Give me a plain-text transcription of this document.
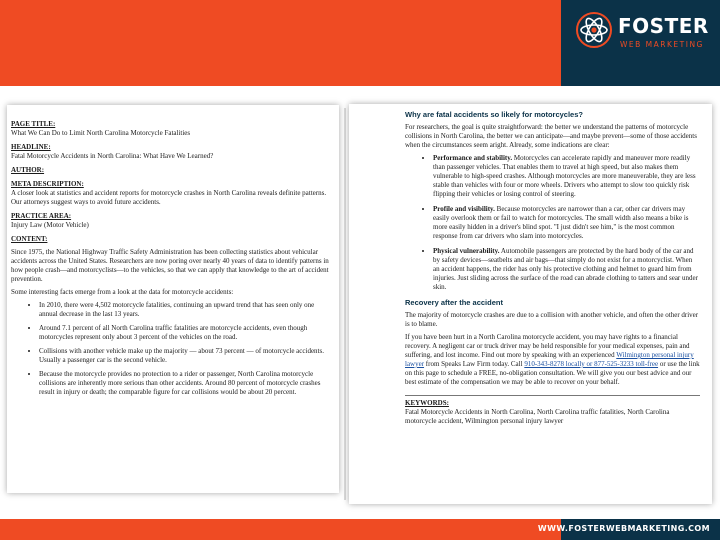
FOSTER
WEB MARKETING
PAGE TITLE:
What We Can Do to Limit North Carolina Motorcycle Fatalities
HEADLINE:
Fatal Motorcycle Accidents in North Carolina: What Have We Learned?
AUTHOR:
META DESCRIPTION:
A closer look at statistics and accident reports for motorcycle crashes in North Carolina reveals definite patterns. Our attorneys suggest ways to avoid future accidents.
PRACTICE AREA:
Injury Law (Motor Vehicle)
CONTENT:

Since 1975, the National Highway Traffic Safety Administration has been collecting statistics about vehicular accidents across the United States. Researchers are now poring over nearly 40 years of data to identify patterns in how people crash—and motorcyclists—to the vehicles, so that we can apply that knowledge to the art of accident prevention.

Some interesting facts emerge from a look at the data for motorcycle accidents:

• In 2010, there were 4,502 motorcycle fatalities, continuing an upward trend that has seen only one annual decrease in the last 13 years.
• Around 7.1 percent of all North Carolina traffic fatalities are motorcycle accidents, even though motorcycles represent only about 3 percent of the vehicles on the road.
• Collisions with another vehicle make up the majority — about 73 percent — of motorcycle accidents. Usually a passenger car is the second vehicle.
• Because the motorcycle provides no protection to a rider or passenger, North Carolina motorcycle collisions are inherently more serious than other accidents. Around 80 percent of motorcycle crashes result in injury or death; the comparable figure for car collisions would be about 20 percent.
Why are fatal accidents so likely for motorcycles?

For researchers, the goal is quite straightforward: the better we understand the patterns of motorcycle collisions in North Carolina, the better we can anticipate—and maybe prevent—some of those accidents when the circumstances seem aright. Already, some indications are clear:

• Performance and stability. Motorcycles can accelerate rapidly and maneuver more readily than passenger vehicles. That enables them to travel at high speed, but also makes them vulnerable to high-speed crashes. Although motorcycles are more maneuverable, they are less stable than vehicles with four or more wheels. Drivers who attempt to slow too quickly risk flipping their vehicles or losing control of steering.
• Profile and visibility. Because motorcycles are narrower than a car, other car drivers may easily overlook them or fail to watch for motorcycles. The small width also means a bike is more easily hidden in a driver's blind spot. "I just didn't see him," is the most common response from car drivers who slam into motorcycles.
• Physical vulnerability. Automobile passengers are protected by the hard body of the car and by safety devices—seatbelts and air bags—that simply do not exist for a motorcyclist. When an accident happens, the rider has only his protective clothing and helmet to guard him from injuries. Just sliding across the surface of the road can abrade clothing to tatters and sear under skin.
Recovery after the accident

The majority of motorcycle crashes are due to a collision with another vehicle, and often the other driver is to blame.

If you have been hurt in a North Carolina motorcycle accident, you may have rights to a financial recovery. A negligent car or truck driver may be held responsible for your medical expenses, pain and suffering, and lost income. Find out more by speaking with an experienced Wilmington personal injury lawyer from Speaks Law Firm today. Call 910-343-8278 locally or 877-525-3233 toll-free or use the link on this page to schedule a FREE, no-obligation consultation. We will give you our best advice and our best estimate of the compensation we may be able to recover on your behalf.

KEYWORDS:
Fatal Motorcycle Accidents in North Carolina, North Carolina traffic fatalities, North Carolina motorcycle accident, Wilmington personal injury lawyer
WWW.FOSTERWEBMARKETING.COM
